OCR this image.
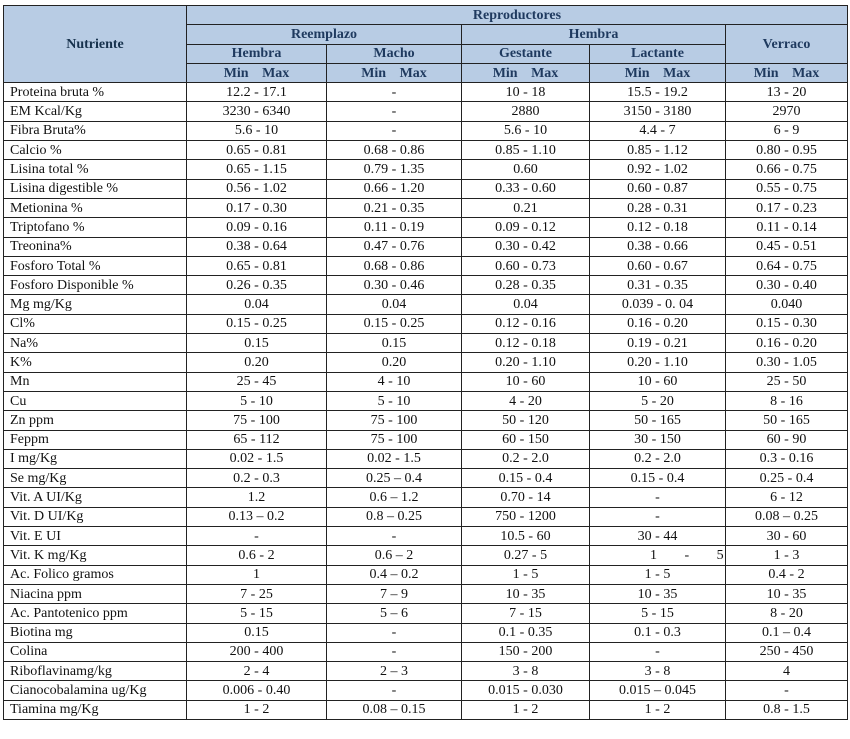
Nutriente	Reproductores				
	Reemplazo		Hembra		Verraco
	Hembra	Macho	Gestante	Lactante	
	Min Max	Min Max	Min Max	Min Max	Min Max
Proteina bruta %	12.2 - 17.1	-	10 - 18	15.5 - 19.2	13 - 20
EM Kcal/Kg	3230 - 6340	-	2880	3150 - 3180	2970
Fibra Bruta%	5.6 - 10	-	5.6 - 10	4.4 - 7	6 - 9
Calcio %	0.65 - 0.81	0.68 - 0.86	0.85 - 1.10	0.85 - 1.12	0.80 - 0.95
Lisina total %	0.65 - 1.15	0.79 - 1.35	0.60	0.92 - 1.02	0.66 - 0.75
Lisina digestible %	0.56 - 1.02	0.66 - 1.20	0.33 - 0.60	0.60 - 0.87	0.55 - 0.75
Metionina %	0.17 - 0.30	0.21 - 0.35	0.21	0.28 - 0.31	0.17 - 0.23
Triptofano %	0.09 - 0.16	0.11 - 0.19	0.09 - 0.12	0.12 - 0.18	0.11 - 0.14
Treonina%	0.38 - 0.64	0.47 - 0.76	0.30 - 0.42	0.38 - 0.66	0.45 - 0.51
Fosforo Total %	0.65 - 0.81	0.68 - 0.86	0.60 - 0.73	0.60 - 0.67	0.64 - 0.75
Fosforo Disponible %	0.26 - 0.35	0.30 - 0.46	0.28 - 0.35	0.31 - 0.35	0.30 - 0.40
Mg mg/Kg	0.04	0.04	0.04	0.039 - 0. 04	0.040
Cl%	0.15 - 0.25	0.15 - 0.25	0.12 - 0.16	0.16 - 0.20	0.15 - 0.30
Na%	0.15	0.15	0.12 - 0.18	0.19 - 0.21	0.16 - 0.20
K%	0.20	0.20	0.20 - 1.10	0.20 - 1.10	0.30 - 1.05
Mn	25 - 45	4 - 10	10 - 60	10 - 60	25 - 50
Cu	5 - 10	5 - 10	4 - 20	5 - 20	8 - 16
Zn ppm	75 - 100	75 - 100	50 - 120	50 - 165	50 - 165
Feppm	65 - 112	75 - 100	60 - 150	30 - 150	60 - 90
I mg/Kg	0.02 - 1.5	0.02 - 1.5	0.2 - 2.0	0.2 - 2.0	0.3 - 0.16
Se mg/Kg	0.2 - 0.3	0.25 – 0.4	0.15 - 0.4	0.15 - 0.4	0.25 - 0.4
Vit. A UI/Kg	1.2	0.6 – 1.2	0.70 - 14	-	6 - 12
Vit. D UI/Kg	0.13 – 0.2	0.8 – 0.25	750 - 1200	-	0.08 – 0.25
Vit. E UI	-	-	10.5 - 60	30 - 44	30 - 60
Vit. K mg/Kg	0.6 - 2	0.6 – 2	0.27 - 5	1 - 5	1 - 3
Ac. Folico gramos	1	0.4 – 0.2	1 - 5	1 - 5	0.4 - 2
Niacina ppm	7 - 25	7 – 9	10 - 35	10 - 35	10 - 35
Ac. Pantotenico ppm	5 - 15	5 – 6	7 - 15	5 - 15	8 - 20
Biotina mg	0.15	-	0.1 - 0.35	0.1 - 0.3	0.1 – 0.4
Colina	200 - 400	-	150 - 200	-	250 - 450
Riboflavinamg/kg	2 - 4	2 – 3	3 - 8	3 - 8	4
Cianocobalamina ug/Kg	0.006 - 0.40	-	0.015 - 0.030	0.015 – 0.045	-
Tiamina mg/Kg	1 - 2	0.08 – 0.15	1 - 2	1 - 2	0.8 - 1.5
